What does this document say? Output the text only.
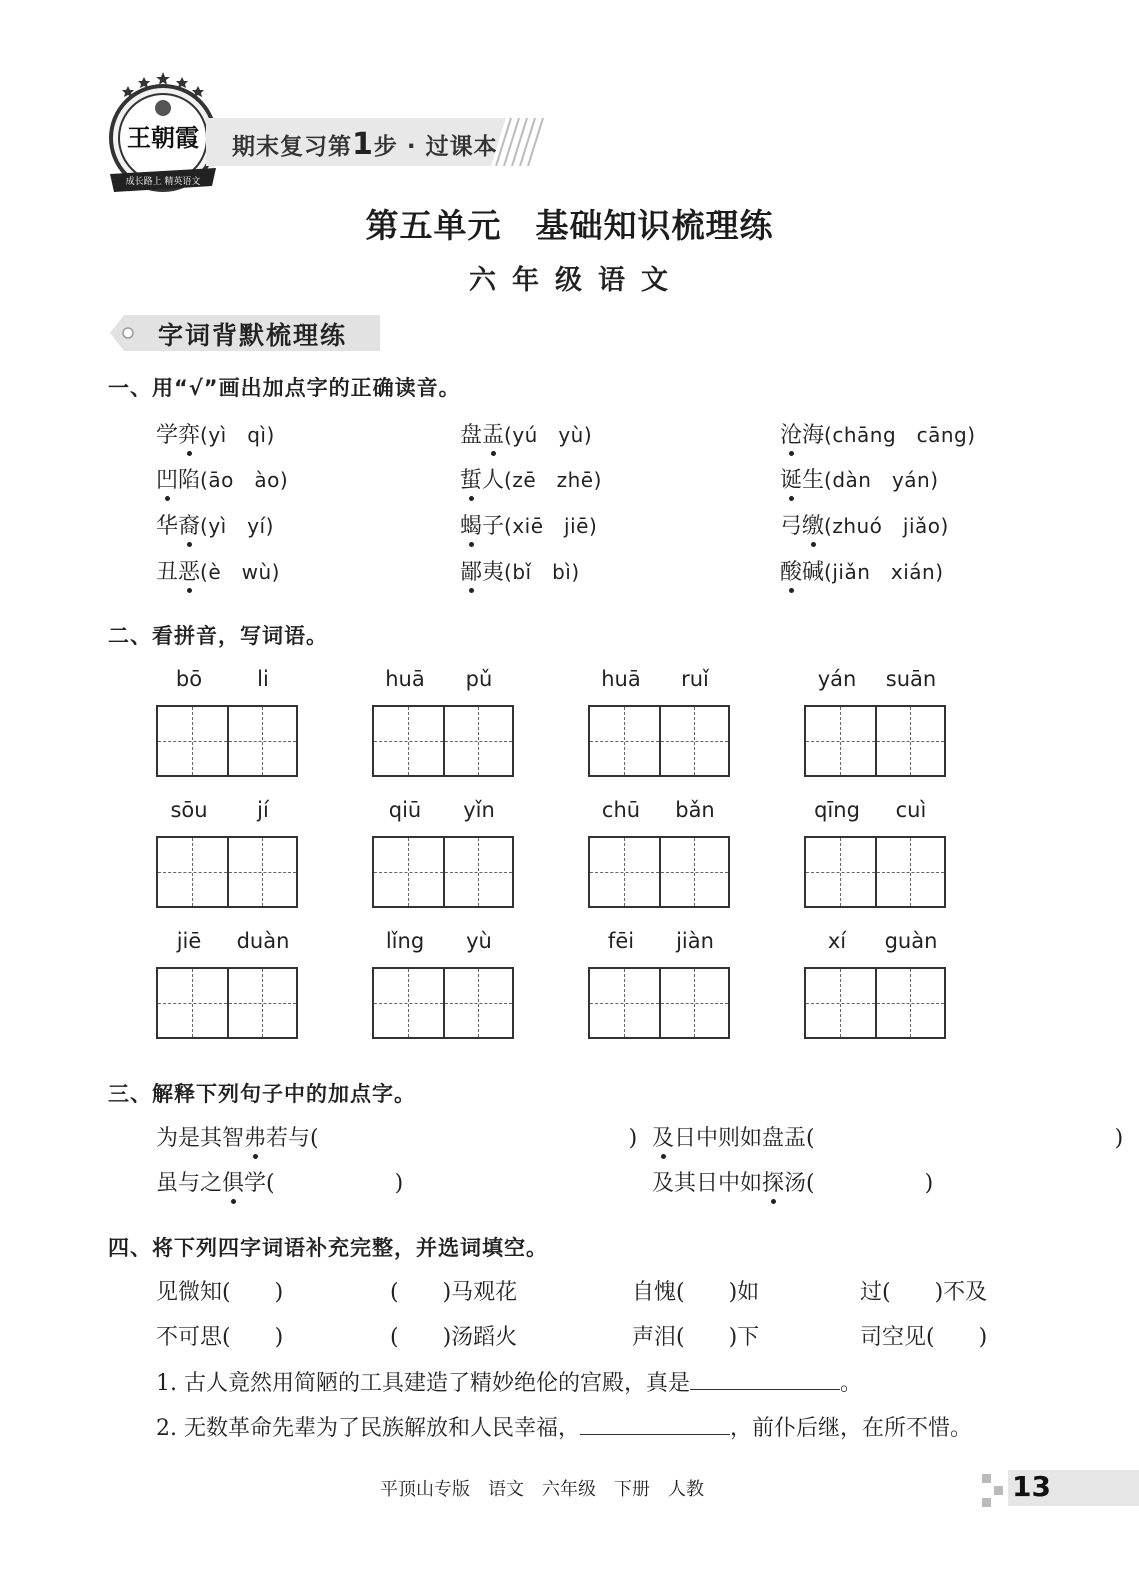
王朝霞
成长路上 精英语文
期末复习第1步 · 过课本
第五单元　基础知识梳理练
六年级语文
字词背默梳理练
一、用“√”画出加点字的正确读音。
学弈(yì　qì)	盘盂(yú　yù)	沧海(chāng　cāng)
凹陷(āo　ào)	蜇人(zē　zhē)	诞生(dàn　yán)
华裔(yì　yí)	蝎子(xiē　jiē)	弓缴(zhuó　jiǎo)
丑恶(è　wù)	鄙夷(bǐ　bì)	酸碱(jiǎn　xián)
二、看拼音，写词语。
bō	li	huā	pǔ	huā	ruǐ	yán	suān
sōu	jí	qiū	yǐn	chū	bǎn	qīng	cuì
jiē	duàn	lǐng	yù	fēi	jiàn	xí	guàn
三、解释下列句子中的加点字。
为是其智弗若与(	) 及日中则如盘盂(	)
虽与之俱学(	)	及其日中如探汤(	)
四、将下列四字词语补充完整，并选词填空。
见微知(　　)	(　　)马观花	自愧(　　)如	过(　　)不及
不可思(　　)	(　　)汤蹈火	声泪(　　)下	司空见(　　)
1. 古人竟然用简陋的工具建造了精妙绝伦的宫殿，真是	。
2. 无数革命先辈为了民族解放和人民幸福，	，前仆后继，在所不惜。
平顶山专版　语文　六年级　下册　人教	13
